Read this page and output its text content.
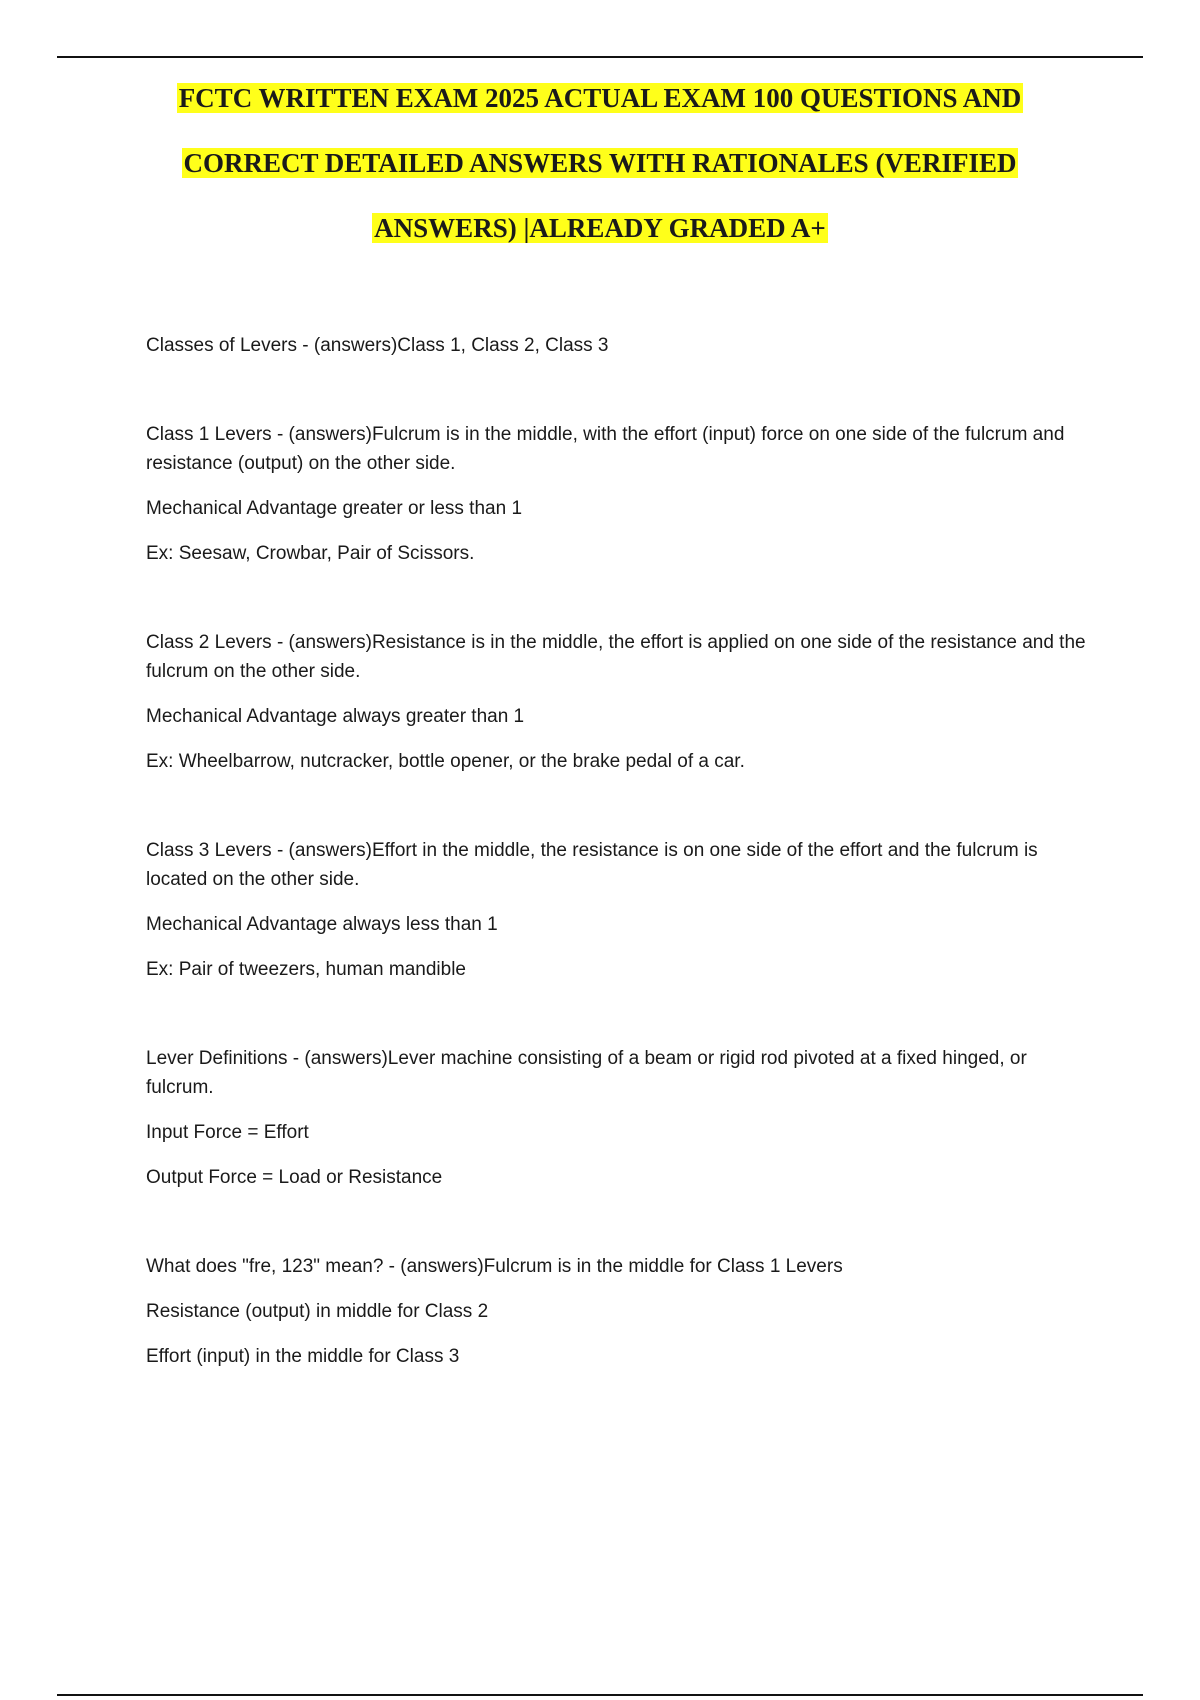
FCTC WRITTEN EXAM 2025 ACTUAL EXAM 100 QUESTIONS AND
CORRECT DETAILED ANSWERS WITH RATIONALES (VERIFIED
ANSWERS) |ALREADY GRADED A+

Classes of Levers - (answers)Class 1, Class 2, Class 3

Class 1 Levers - (answers)Fulcrum is in the middle, with the effort (input) force on one side of the fulcrum and resistance (output) on the other side.

Mechanical Advantage greater or less than 1

Ex: Seesaw, Crowbar, Pair of Scissors.

Class 2 Levers - (answers)Resistance is in the middle, the effort is applied on one side of the resistance and the fulcrum on the other side.

Mechanical Advantage always greater than 1

Ex: Wheelbarrow, nutcracker, bottle opener, or the brake pedal of a car.

Class 3 Levers - (answers)Effort in the middle, the resistance is on one side of the effort and the fulcrum is located on the other side.

Mechanical Advantage always less than 1

Ex: Pair of tweezers, human mandible

Lever Definitions - (answers)Lever machine consisting of a beam or rigid rod pivoted at a fixed hinged, or fulcrum.

Input Force = Effort

Output Force = Load or Resistance

What does "fre, 123" mean? - (answers)Fulcrum is in the middle for Class 1 Levers

Resistance (output) in middle for Class 2

Effort (input) in the middle for Class 3
